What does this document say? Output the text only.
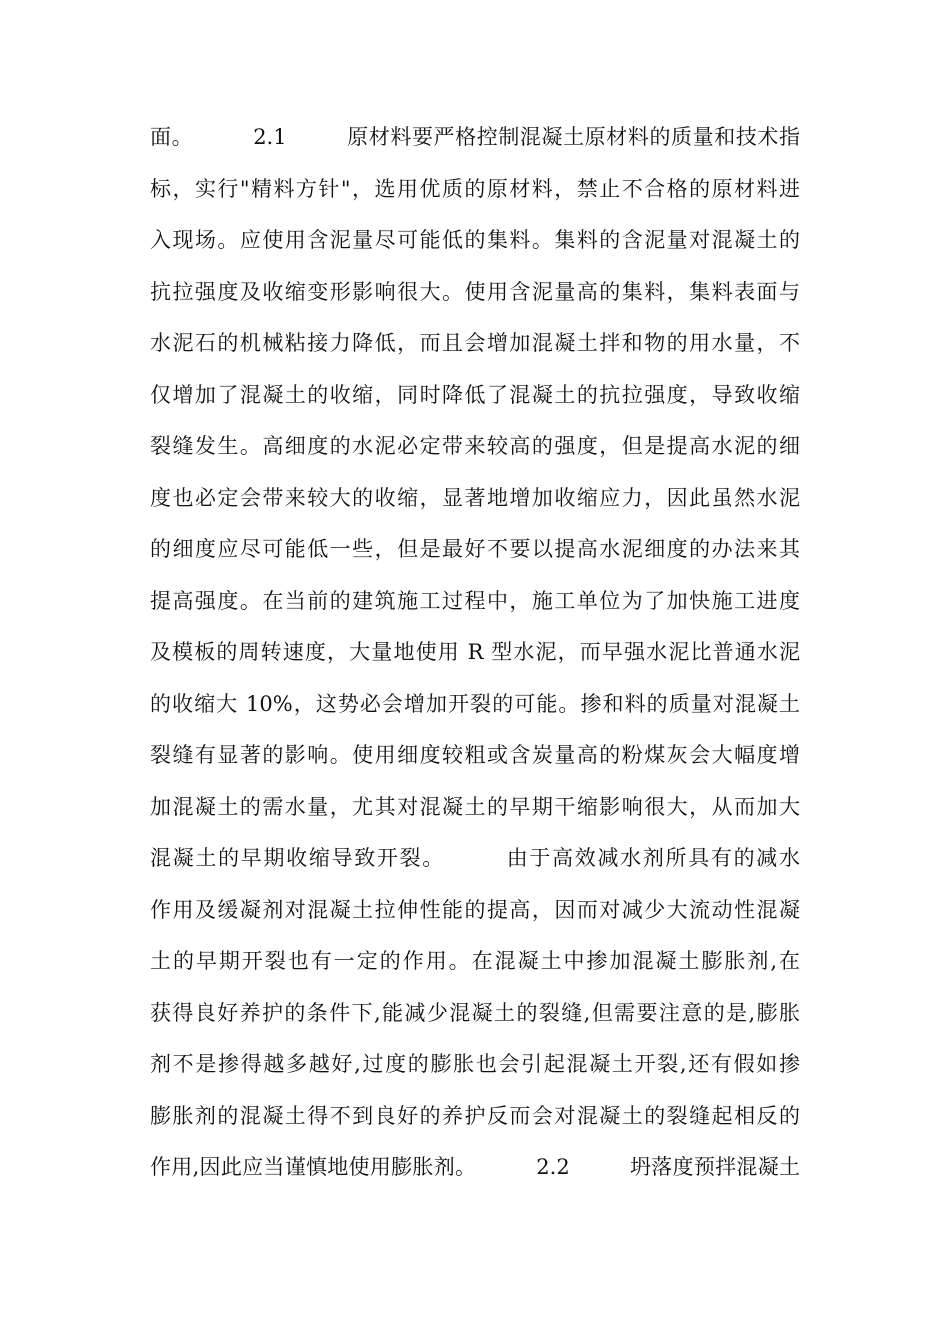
面。	2.1	原材料要严格控制混凝土原材料的质量和技术指
标，实行"精料方针"，选用优质的原材料，禁止不合格的原材料进
入现场。应使用含泥量尽可能低的集料。集料的含泥量对混凝土的
抗拉强度及收缩变形影响很大。使用含泥量高的集料，集料表面与
水泥石的机械粘接力降低，而且会增加混凝土拌和物的用水量，不
仅增加了混凝土的收缩，同时降低了混凝土的抗拉强度，导致收缩
裂缝发生。高细度的水泥必定带来较高的强度，但是提高水泥的细
度也必定会带来较大的收缩，显著地增加收缩应力，因此虽然水泥
的细度应尽可能低一些，但是最好不要以提高水泥细度的办法来其
提高强度。在当前的建筑施工过程中，施工单位为了加快施工进度
及模板的周转速度，大量地使用 R 型水泥，而早强水泥比普通水泥
的收缩大 10%，这势必会增加开裂的可能。掺和料的质量对混凝土
裂缝有显著的影响。使用细度较粗或含炭量高的粉煤灰会大幅度增
加混凝土的需水量，尤其对混凝土的早期干缩影响很大，从而加大
混凝土的早期收缩导致开裂。	由于高效减水剂所具有的减水
作用及缓凝剂对混凝土拉伸性能的提高，因而对减少大流动性混凝
土的早期开裂也有一定的作用。在混凝土中掺加混凝土膨胀剂,在
获得良好养护的条件下,能减少混凝土的裂缝,但需要注意的是,膨胀
剂不是掺得越多越好,过度的膨胀也会引起混凝土开裂,还有假如掺
膨胀剂的混凝土得不到良好的养护反而会对混凝土的裂缝起相反的
作用,因此应当谨慎地使用膨胀剂。	2.2	坍落度预拌混凝土
